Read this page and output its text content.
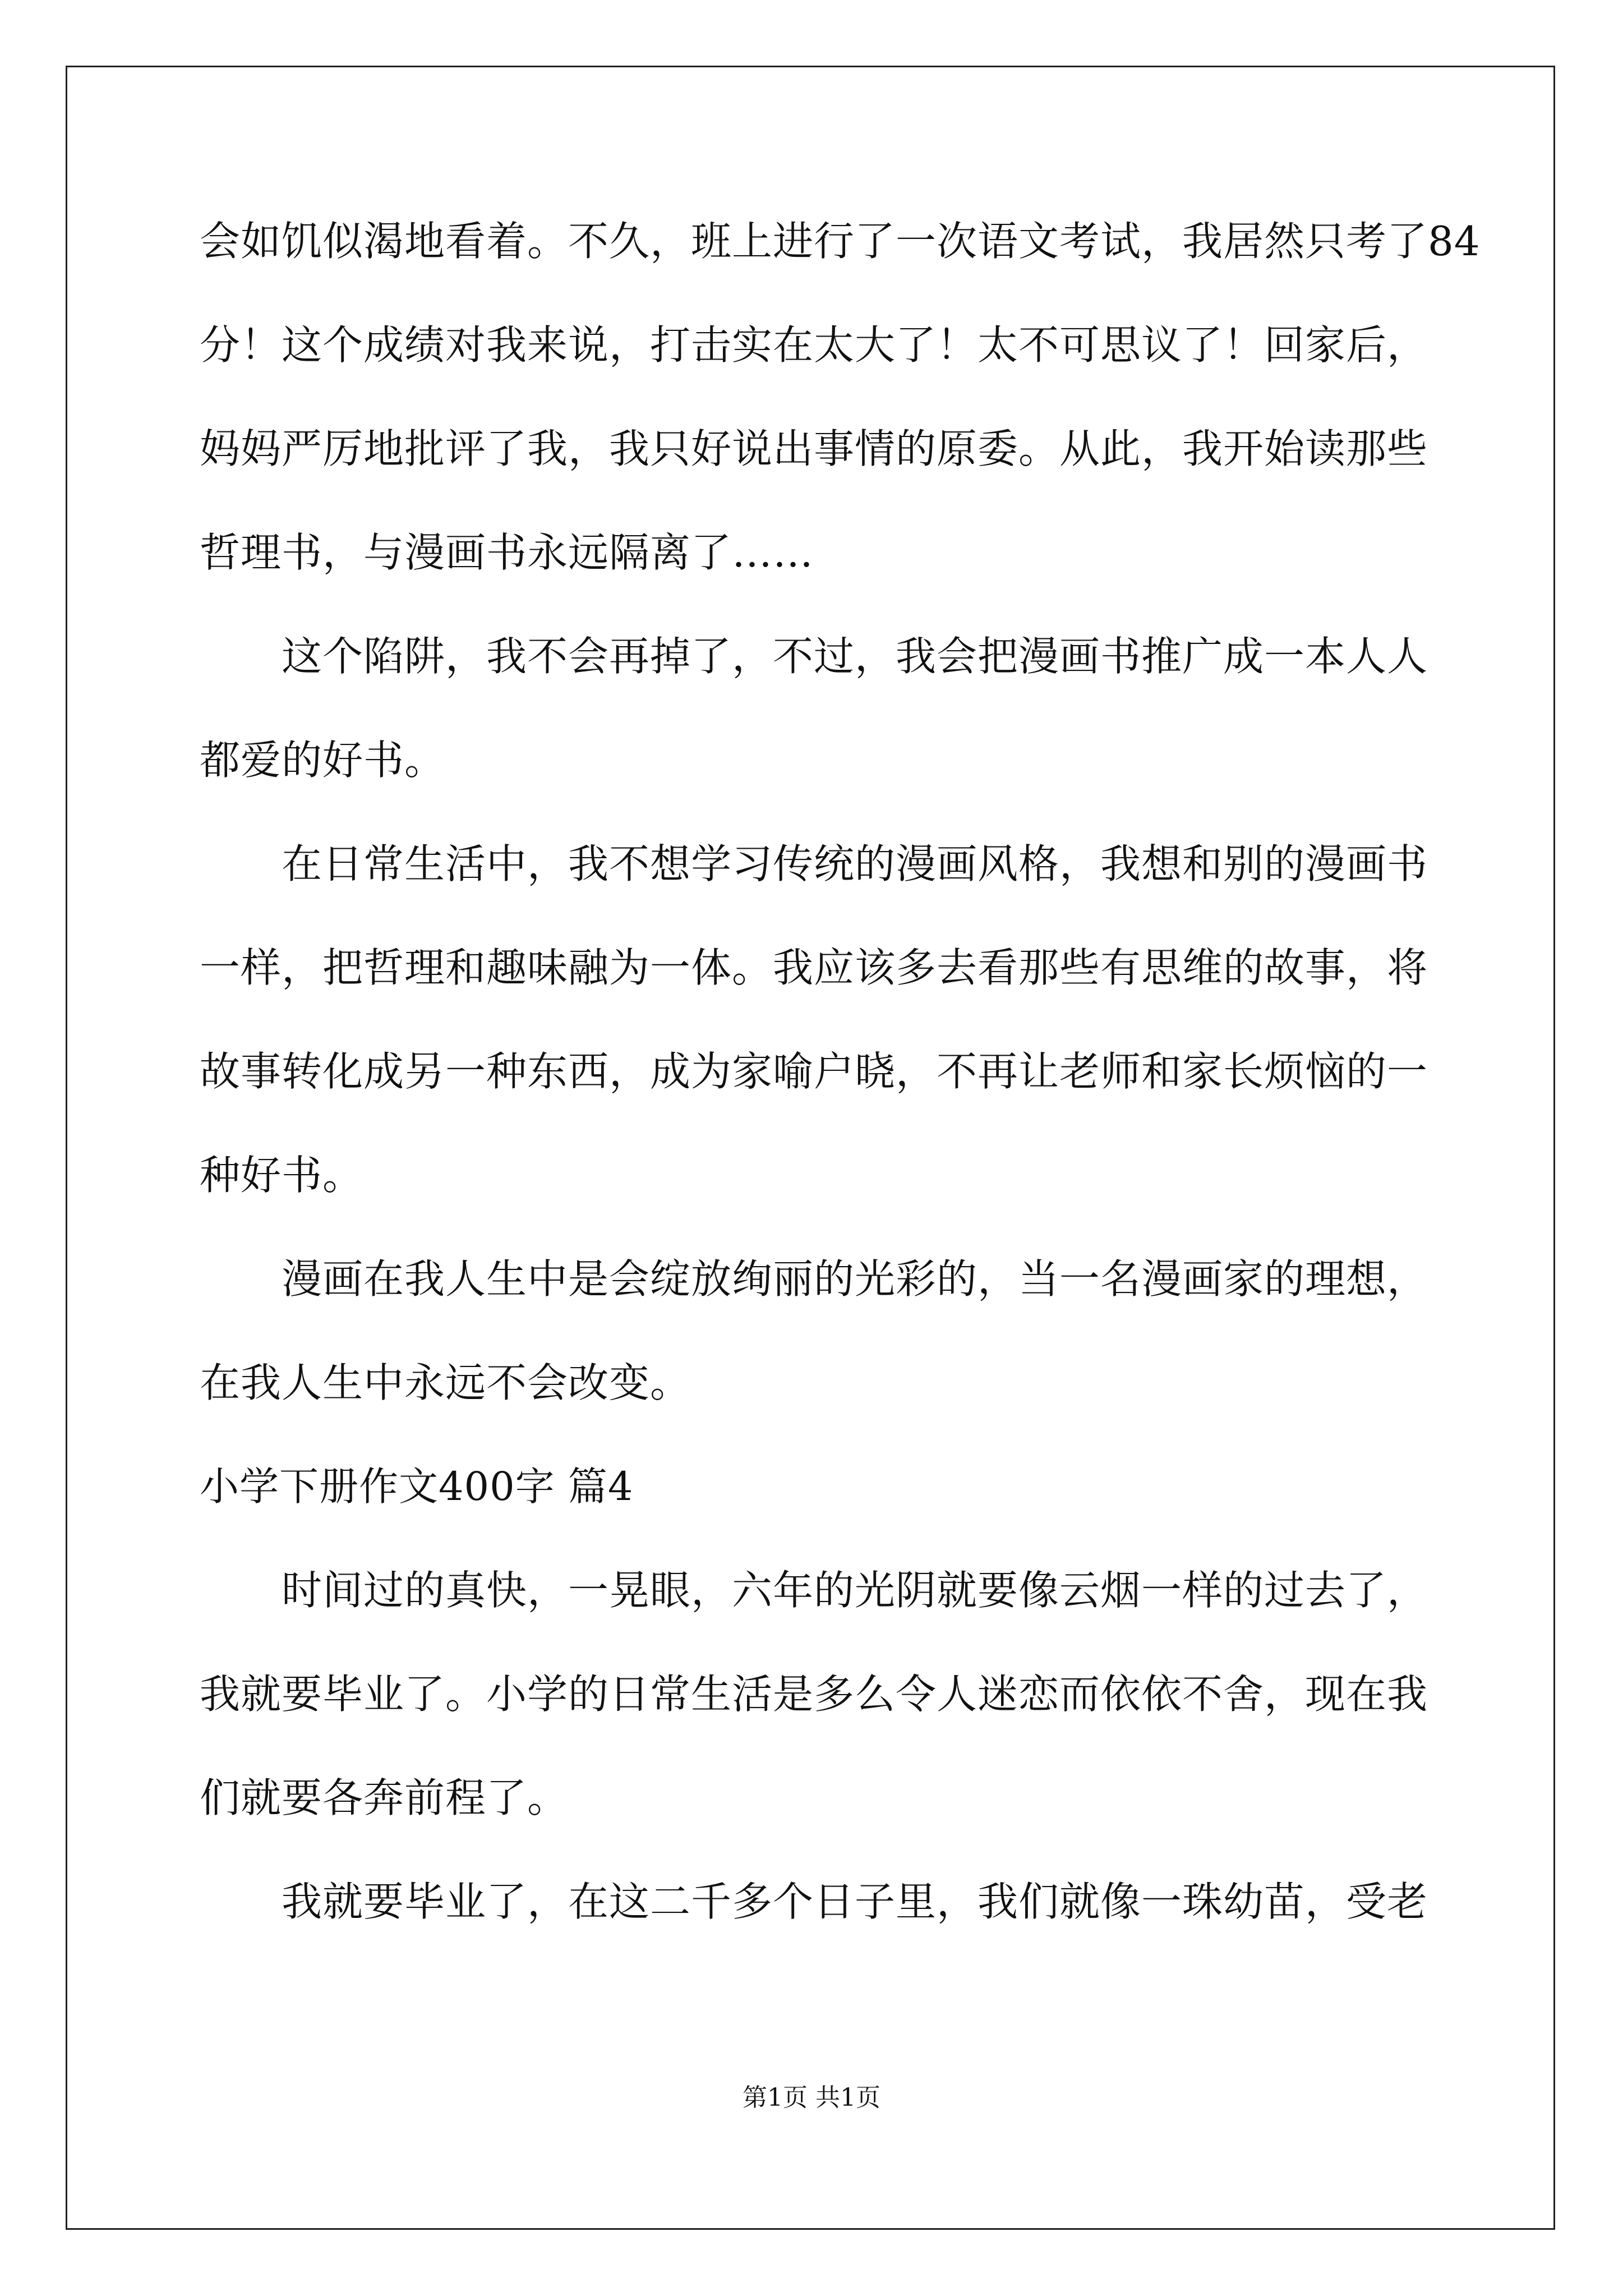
会如饥似渴地看着。不久，班上进行了一次语文考试，我居然只考了84
分！这个成绩对我来说，打击实在太大了！太不可思议了！回家后，
妈妈严厉地批评了我，我只好说出事情的原委。从此，我开始读那些
哲理书，与漫画书永远隔离了……
这个陷阱，我不会再掉了，不过，我会把漫画书推广成一本人人
都爱的好书。
在日常生活中，我不想学习传统的漫画风格，我想和别的漫画书
一样，把哲理和趣味融为一体。我应该多去看那些有思维的故事，将
故事转化成另一种东西，成为家喻户晓，不再让老师和家长烦恼的一
种好书。
漫画在我人生中是会绽放绚丽的光彩的，当一名漫画家的理想，
在我人生中永远不会改变。
小学下册作文400字 篇4
时间过的真快，一晃眼，六年的光阴就要像云烟一样的过去了，
我就要毕业了。小学的日常生活是多么令人迷恋而依依不舍，现在我
们就要各奔前程了。
我就要毕业了，在这二千多个日子里，我们就像一珠幼苗，受老
第1页 共1页
